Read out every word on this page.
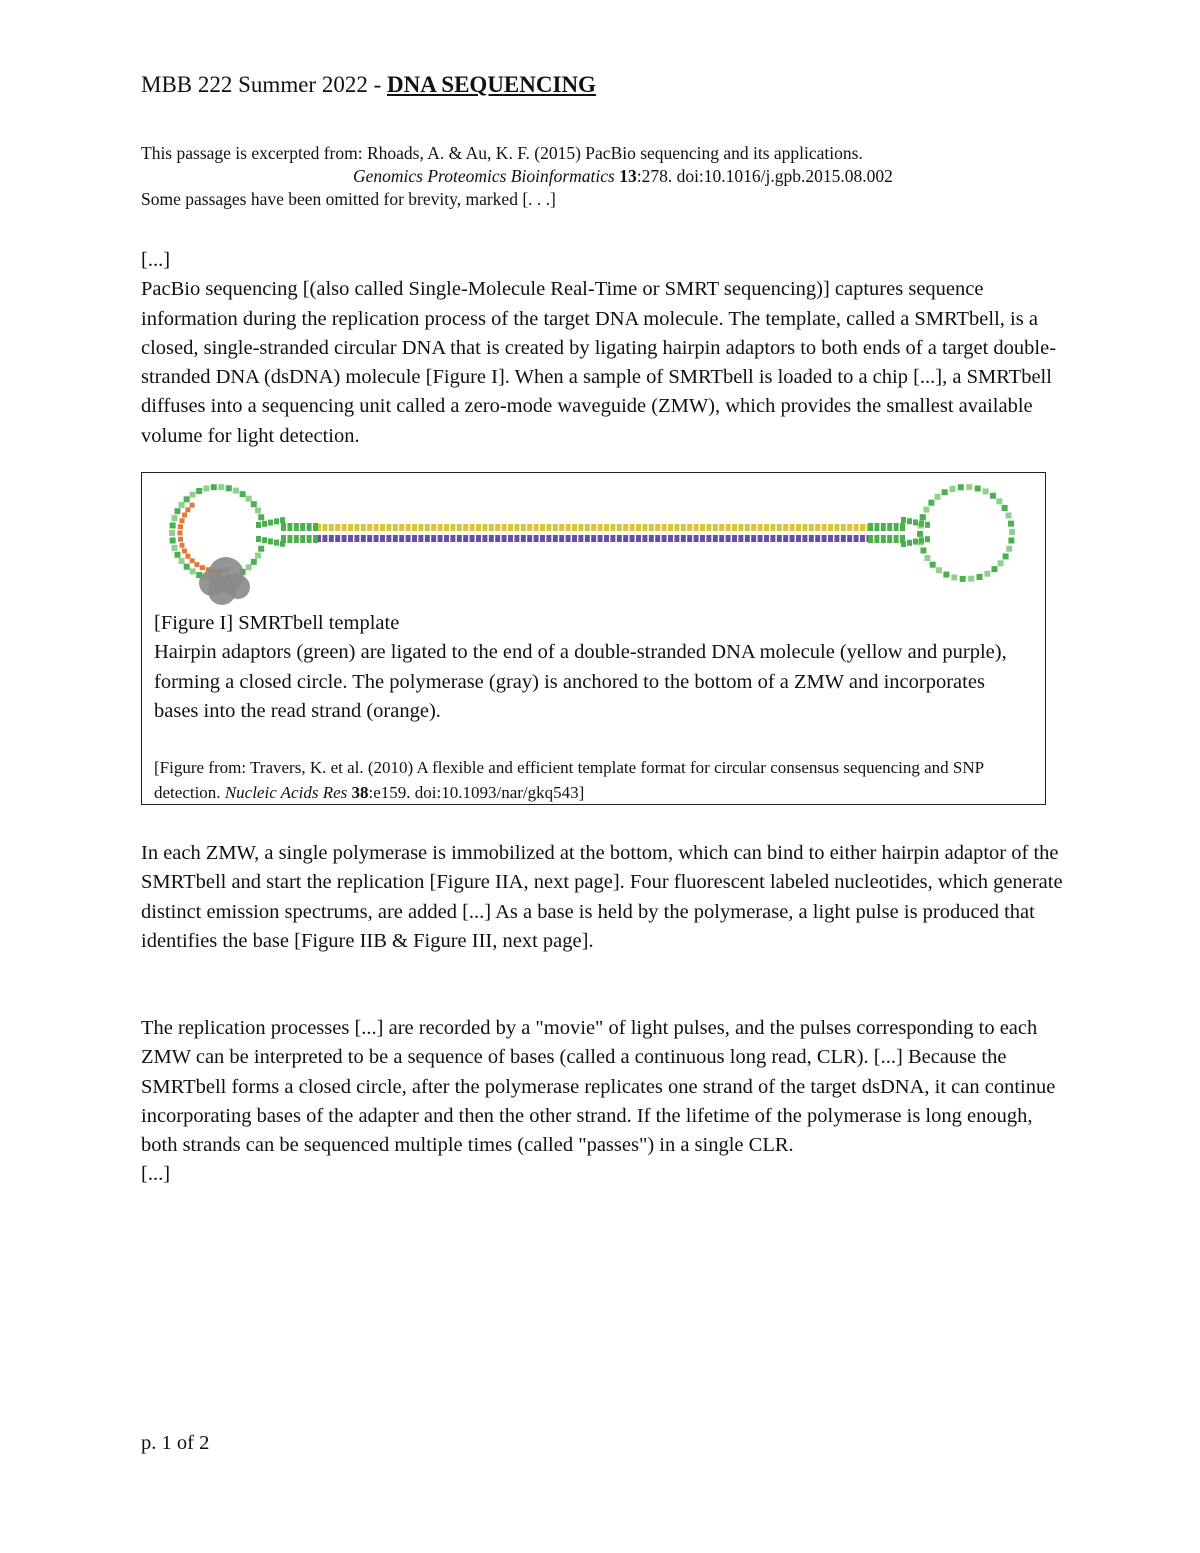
MBB 222 Summer 2022 - DNA SEQUENCING
This passage is excerpted from: Rhoads, A. & Au, K. F. (2015) PacBio sequencing and its applications.
Genomics Proteomics Bioinformatics 13:278. doi:10.1016/j.gpb.2015.08.002
Some passages have been omitted for brevity, marked [. . .]
[...]
PacBio sequencing [(also called Single-Molecule Real-Time or SMRT sequencing)] captures sequence information during the replication process of the target DNA molecule. The template, called a SMRTbell, is a closed, single-stranded circular DNA that is created by ligating hairpin adaptors to both ends of a target double-stranded DNA (dsDNA) molecule [Figure I]. When a sample of SMRTbell is loaded to a chip [...], a SMRTbell diffuses into a sequencing unit called a zero-mode waveguide (ZMW), which provides the smallest available volume for light detection.
[Figure I] SMRTbell template
Hairpin adaptors (green) are ligated to the end of a double-stranded DNA molecule (yellow and purple), forming a closed circle. The polymerase (gray) is anchored to the bottom of a ZMW and incorporates bases into the read strand (orange).
[Figure from: Travers, K. et al. (2010) A flexible and efficient template format for circular consensus sequencing and SNP detection. Nucleic Acids Res 38:e159. doi:10.1093/nar/gkq543]
In each ZMW, a single polymerase is immobilized at the bottom, which can bind to either hairpin adaptor of the SMRTbell and start the replication [Figure IIA, next page]. Four fluorescent labeled nucleotides, which generate distinct emission spectrums, are added [...] As a base is held by the polymerase, a light pulse is produced that identifies the base [Figure IIB & Figure III, next page].
The replication processes [...] are recorded by a "movie" of light pulses, and the pulses corresponding to each ZMW can be interpreted to be a sequence of bases (called a continuous long read, CLR). [...] Because the SMRTbell forms a closed circle, after the polymerase replicates one strand of the target dsDNA, it can continue incorporating bases of the adapter and then the other strand. If the lifetime of the polymerase is long enough, both strands can be sequenced multiple times (called "passes") in a single CLR.
[...]
p. 1 of 2
